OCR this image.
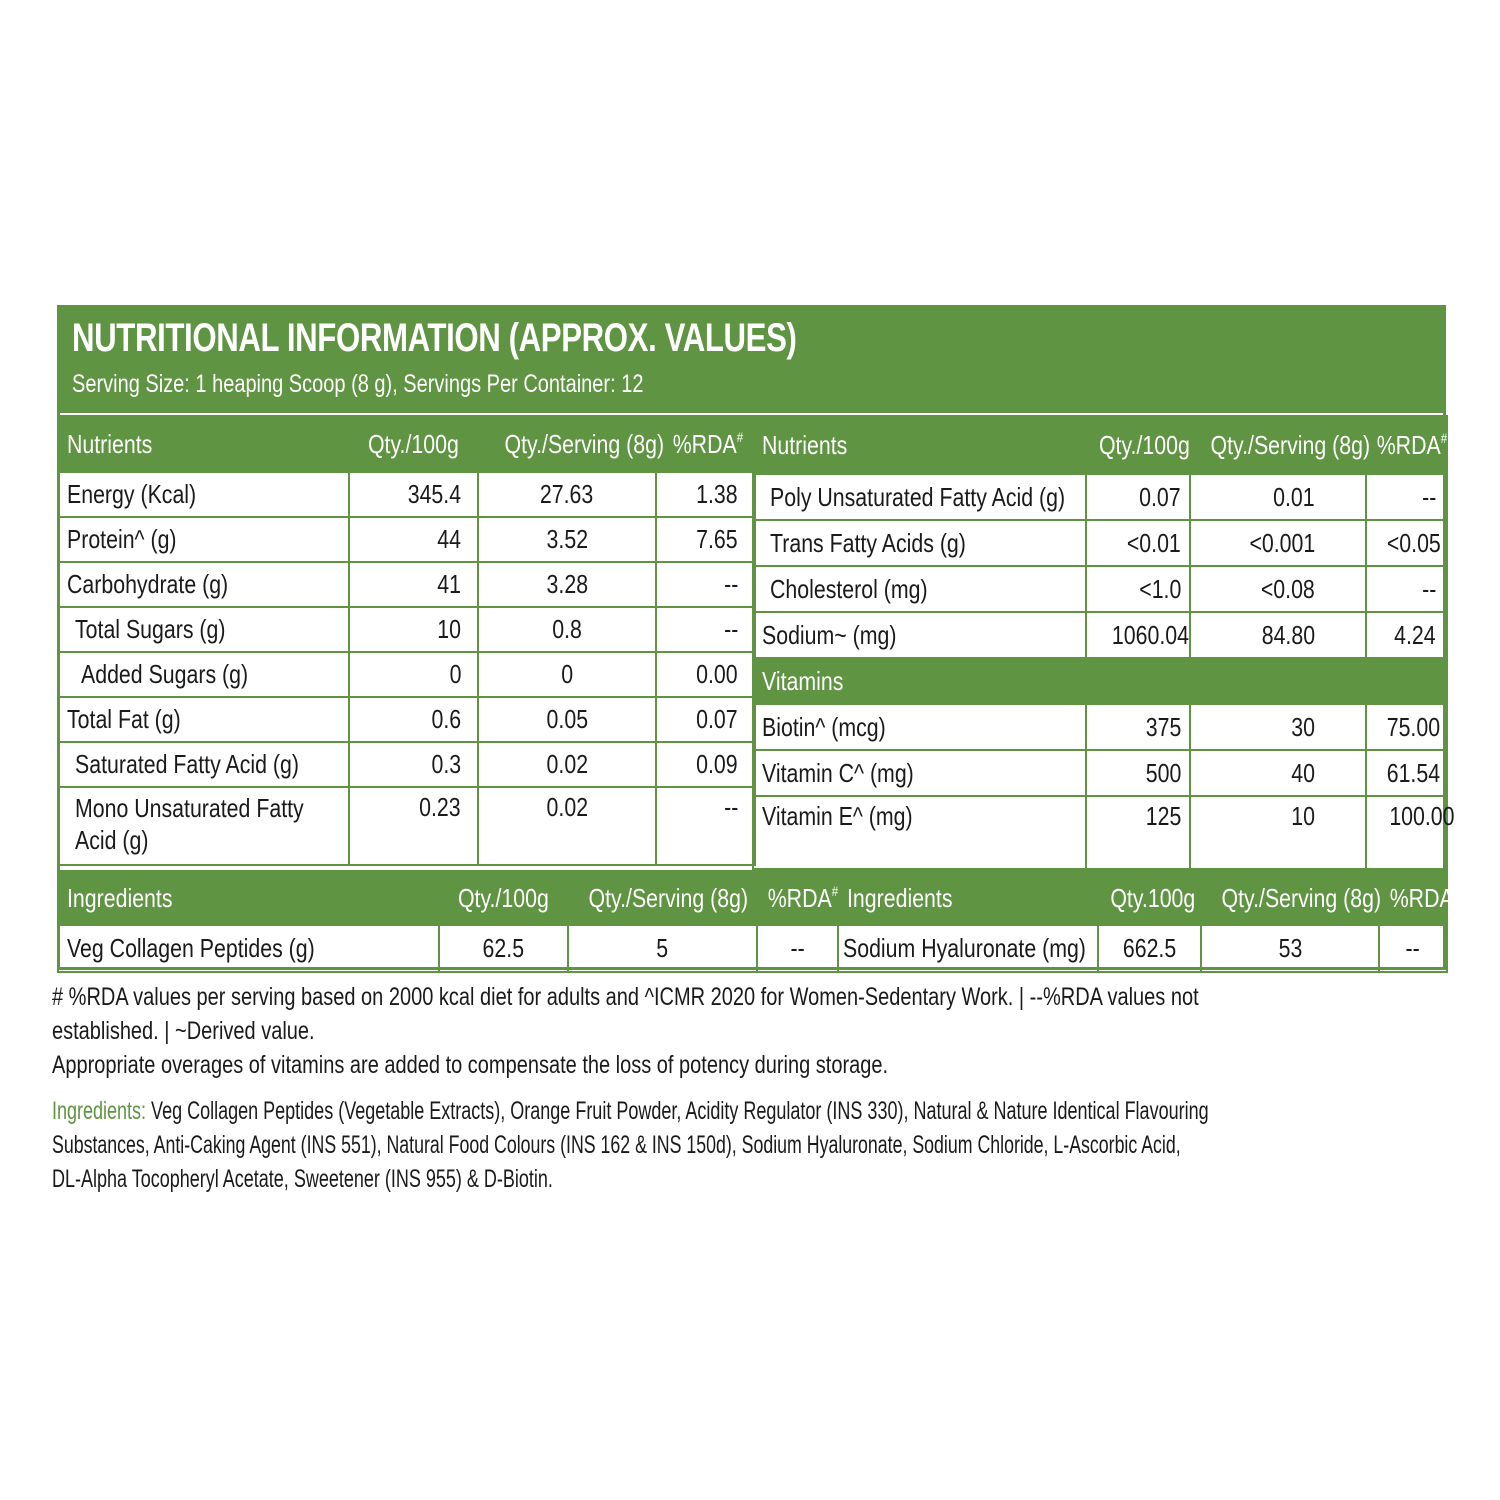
NUTRITIONAL INFORMATION (APPROX. VALUES)
Serving Size: 1 heaping Scoop (8 g), Servings Per Container: 12
Nutrients	Qty./100g	Qty./Serving (8g)	%RDA#
Energy (Kcal)	345.4	27.63	1.38
Protein^ (g)	44	3.52	7.65
Carbohydrate (g)	41	3.28	--
Total Sugars (g)	10	0.8	--
Added Sugars (g)	0	0	0.00
Total Fat (g)	0.6	0.05	0.07
Saturated Fatty Acid (g)	0.3	0.02	0.09
Mono Unsaturated Fatty
Acid (g)	0.23	0.02	--
Nutrients	Qty./100g	Qty./Serving (8g)	%RDA#
Poly Unsaturated Fatty Acid (g)	0.07	0.01	--
Trans Fatty Acids (g)	<0.01	<0.001	<0.05
Cholesterol (mg)	<1.0	<0.08	--
Sodium~ (mg)	1060.04	84.80	4.24
Vitamins			
Biotin^ (mcg)	375	30	75.00
Vitamin C^ (mg)	500	40	61.54
Vitamin E^ (mg)	125	10	100.00
Ingredients	Qty./100g	Qty./Serving (8g)	%RDA#	Ingredients	Qty.100g	Qty./Serving (8g)	%RDA#
Veg Collagen Peptides (g)	62.5	5	--	Sodium Hyaluronate (mg)	662.5	53	--
# %RDA values per serving based on 2000 kcal diet for adults and ^ICMR 2020 for Women-Sedentary Work. | --%RDA values not
established. | ~Derived value.
Appropriate overages of vitamins are added to compensate the loss of potency during storage.
Ingredients: Veg Collagen Peptides (Vegetable Extracts), Orange Fruit Powder, Acidity Regulator (INS 330), Natural & Nature Identical Flavouring
Substances, Anti-Caking Agent (INS 551), Natural Food Colours (INS 162 & INS 150d), Sodium Hyaluronate, Sodium Chloride, L-Ascorbic Acid,
DL-Alpha Tocopheryl Acetate, Sweetener (INS 955) & D-Biotin.
